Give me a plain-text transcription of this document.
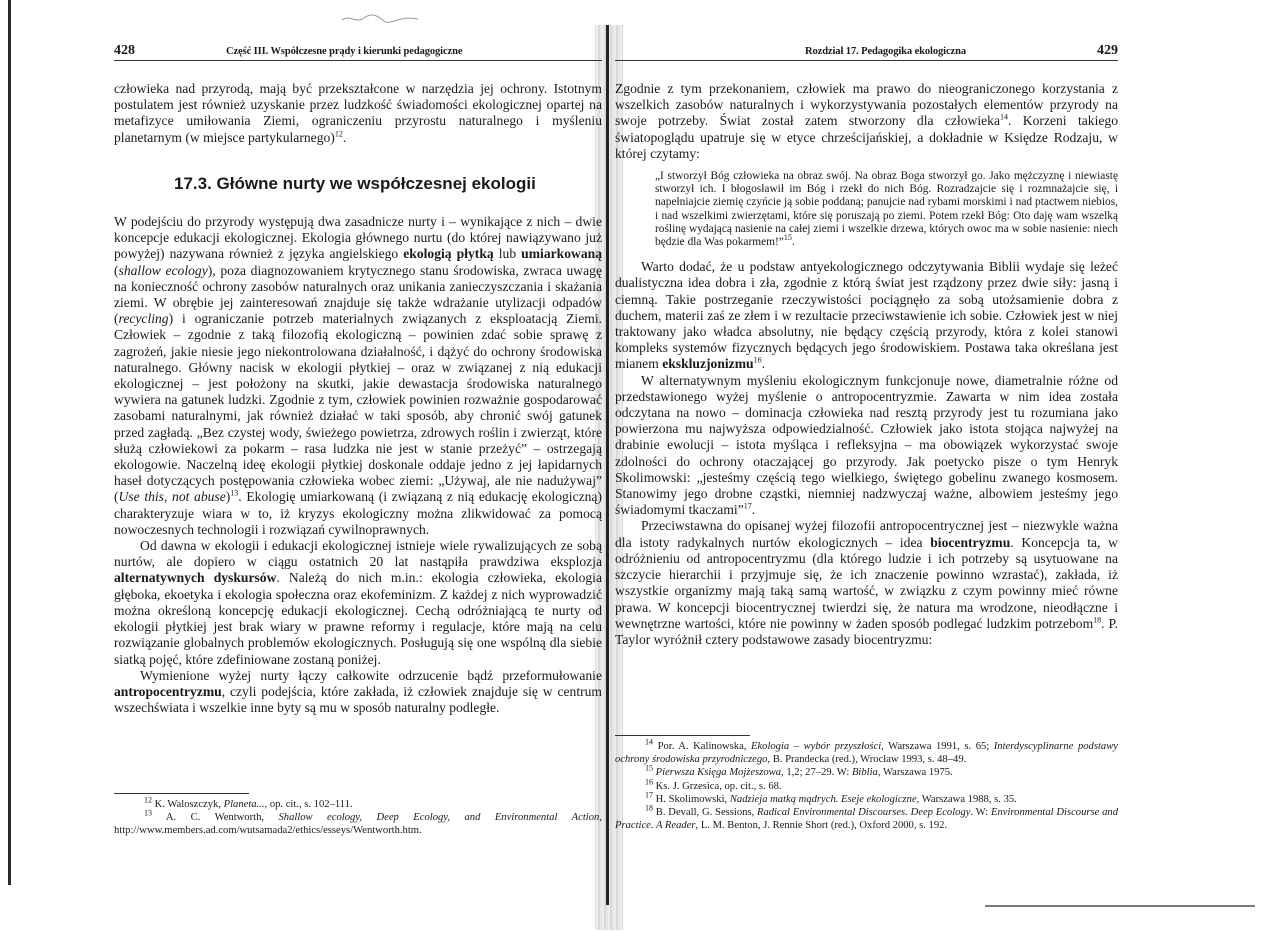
428	Część III. Współczesne prądy i kierunki pedagogiczne

człowieka nad przyrodą, mają być przekształcone w narzędzia jej ochrony. Istotnym postulatem jest również uzyskanie przez ludzkość świadomości ekologicznej opartej na metafizyce umiłowania Ziemi, ograniczeniu przyrostu naturalnego i myśleniu planetarnym (w miejsce partykularnego)$^{12}$.

17.3. Główne nurty we współczesnej ekologii

W podejściu do przyrody występują dwa zasadnicze nurty i – wynikające z nich – dwie koncepcje edukacji ekologicznej. Ekologia głównego nurtu (do której nawiązywano już powyżej) nazywana również z języka angielskiego ekologią płytką lub umiarkowaną (shallow ecology), poza diagnozowaniem krytycznego stanu środowiska, zwraca uwagę na konieczność ochrony zasobów naturalnych oraz unikania zanieczyszczania i skażania ziemi. W obrębie jej zainteresowań znajduje się także wdrażanie utylizacji odpadów (recycling) i ograniczanie potrzeb materialnych związanych z eksploatacją Ziemi. Człowiek – zgodnie z taką filozofią ekologiczną – powinien zdać sobie sprawę z zagrożeń, jakie niesie jego niekontrolowana działalność, i dążyć do ochrony środowiska naturalnego. Główny nacisk w ekologii płytkiej – oraz w związanej z nią edukacji ekologicznej – jest położony na skutki, jakie dewastacja środowiska naturalnego wywiera na gatunek ludzki. Zgodnie z tym, człowiek powinien rozważnie gospodarować zasobami naturalnymi, jak również działać w taki sposób, aby chronić swój gatunek przed zagładą. „Bez czystej wody, świeżego powietrza, zdrowych roślin i zwierząt, które służą człowiekowi za pokarm – rasa ludzka nie jest w stanie przeżyć” – ostrzegają ekologowie. Naczelną ideę ekologii płytkiej doskonale oddaje jedno z jej łapidarnych haseł dotyczących postępowania człowieka wobec ziemi: „Używaj, ale nie nadużywaj” (Use this, not abuse)$^{13}$. Ekologię umiarkowaną (i związaną z nią edukację ekologiczną) charakteryzuje wiara w to, iż kryzys ekologiczny można zlikwidować za pomocą nowoczesnych technologii i rozwiązań cywilnoprawnych.

Od dawna w ekologii i edukacji ekologicznej istnieje wiele rywalizujących ze sobą nurtów, ale dopiero w ciągu ostatnich 20 lat nastąpiła prawdziwa eksplozja alternatywnych dyskursów. Należą do nich m.in.: ekologia człowieka, ekologia głęboka, ekoetyka i ekologia społeczna oraz ekofeminizm. Z każdej z nich wyprowadzić można określoną koncepcję edukacji ekologicznej. Cechą odróżniającą te nurty od ekologii płytkiej jest brak wiary w prawne reformy i regulacje, które mają na celu rozwiązanie globalnych problemów ekologicznych. Posługują się one wspólną dla siebie siatką pojęć, które zdefiniowane zostaną poniżej.

Wymienione wyżej nurty łączy całkowite odrzucenie bądź przeformułowanie antropocentryzmu, czyli podejścia, które zakłada, iż człowiek znajduje się w centrum wszechświata i wszelkie inne byty są mu w sposób naturalny podległe.

$^{12}$ K. Waloszczyk, Planeta..., op. cit., s. 102–111.
$^{13}$ A. C. Wentworth, Shallow ecology, Deep Ecology, and Environmental Action, http://www.members.ad.com/wutsamada2/ethics/esseys/Wentworth.htm.
Rozdział 17. Pedagogika ekologiczna	429

Zgodnie z tym przekonaniem, człowiek ma prawo do nieograniczonego korzystania z wszelkich zasobów naturalnych i wykorzystywania pozostałych elementów przyrody na swoje potrzeby. Świat został zatem stworzony dla człowieka$^{14}$. Korzeni takiego światopoglądu upatruje się w etyce chrześcijańskiej, a dokładnie w Księdze Rodzaju, w której czytamy:

„I stworzył Bóg człowieka na obraz swój. Na obraz Boga stworzył go. Jako mężczyznę i niewiastę stworzył ich. I błogosławił im Bóg i rzekł do nich Bóg. Rozradzajcie się i rozmnażajcie się, i napełniajcie ziemię czyńcie ją sobie poddaną; panujcie nad rybami morskimi i nad ptactwem niebios, i nad wszelkimi zwierzętami, które się poruszają po ziemi. Potem rzekł Bóg: Oto daję wam wszelką roślinę wydającą nasienie na całej ziemi i wszelkie drzewa, których owoc ma w sobie nasienie: niech będzie dla Was pokarmem!”$^{15}$.

Warto dodać, że u podstaw antyekologicznego odczytywania Biblii wydaje się leżeć dualistyczna idea dobra i zła, zgodnie z którą świat jest rządzony przez dwie siły: jasną i ciemną. Takie postrzeganie rzeczywistości pociągnęło za sobą utożsamienie dobra z duchem, materii zaś ze złem i w rezultacie przeciwstawienie ich sobie. Człowiek jest w niej traktowany jako władca absolutny, nie będący częścią przyrody, która z kolei stanowi kompleks systemów fizycznych będących jego środowiskiem. Postawa taka określana jest mianem ekskluzjonizmu$^{16}$.

W alternatywnym myśleniu ekologicznym funkcjonuje nowe, diametralnie różne od przedstawionego wyżej myślenie o antropocentryzmie. Zawarta w nim idea została odczytana na nowo – dominacja człowieka nad resztą przyrody jest tu rozumiana jako powierzona mu najwyższa odpowiedzialność. Człowiek jako istota stojąca najwyżej na drabinie ewolucji – istota myśląca i refleksyjna – ma obowiązek wykorzystać swoje zdolności do ochrony otaczającej go przyrody. Jak poetycko pisze o tym Henryk Skolimowski: „jesteśmy częścią tego wielkiego, świętego gobelinu zwanego kosmosem. Stanowimy jego drobne cząstki, niemniej nadzwyczaj ważne, albowiem jesteśmy jego świadomymi tkaczami”$^{17}$.

Przeciwstawna do opisanej wyżej filozofii antropocentrycznej jest – niezwykle ważna dla istoty radykalnych nurtów ekologicznych – idea biocentryzmu. Koncepcja ta, w odróżnieniu od antropocentryzmu (dla którego ludzie i ich potrzeby są usytuowane na szczycie hierarchii i przyjmuje się, że ich znaczenie powinno wzrastać), zakłada, iż wszystkie organizmy mają taką samą wartość, w związku z czym powinny mieć równe prawa. W koncepcji biocentrycznej twierdzi się, że natura ma wrodzone, nieodłączne i wewnętrzne wartości, które nie powinny w żaden sposób podlegać ludzkim potrzebom$^{18}$. P. Taylor wyróżnił cztery podstawowe zasady biocentryzmu:

$^{14}$ Por. A. Kalinowska, Ekologia – wybór przyszłości, Warszawa 1991, s. 65; Interdyscyplinarne podstawy ochrony środowiska przyrodniczego, B. Prandecka (red.), Wrocław 1993, s. 48–49.
$^{15}$ Pierwsza Księga Mojżeszowa, 1,2; 27–29. W: Biblia, Warszawa 1975.
$^{16}$ Ks. J. Grzesica, op. cit., s. 68.
$^{17}$ H. Skolimowski, Nadzieja matką mądrych. Eseje ekologiczne, Warszawa 1988, s. 35.
$^{18}$ B. Devall, G. Sessions, Radical Environmental Discourses. Deep Ecology. W: Environmental Discourse and Practice. A Reader, L. M. Benton, J. Rennie Short (red.), Oxford 2000, s. 192.
